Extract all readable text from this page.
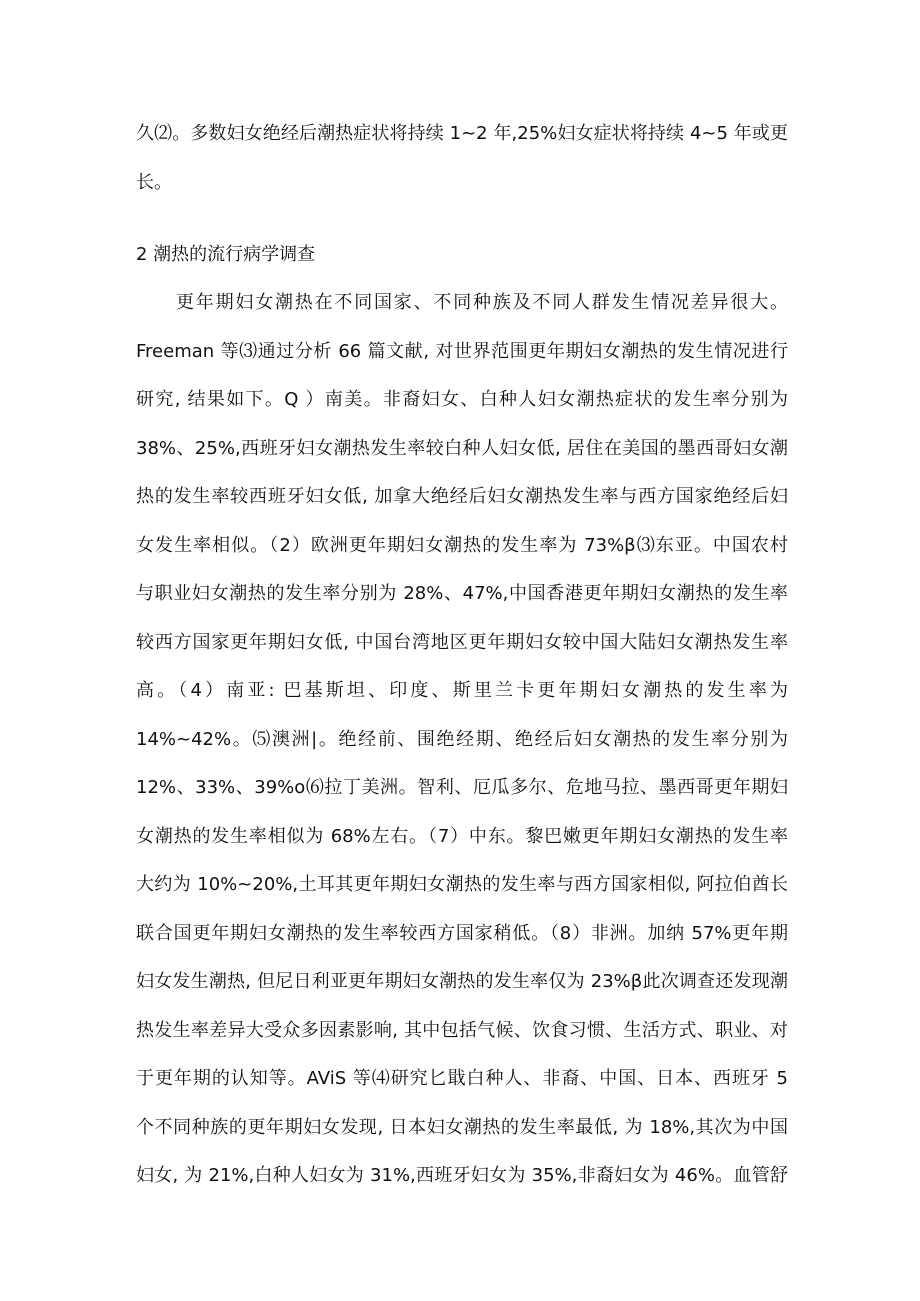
久⑵。多数妇女绝经后潮热症状将持续 1~2 年,25%妇女症状将持续 4~5 年或更
长。
2 潮热的流行病学调查
更年期妇女潮热在不同国家、不同种族及不同人群发生情况差异很大。
Freeman 等⑶通过分析 66 篇文献, 对世界范围更年期妇女潮热的发生情况进行
研究, 结果如下。Q ）南美。非裔妇女、白种人妇女潮热症状的发生率分别为
38%、25%,西班牙妇女潮热发生率较白种人妇女低, 居住在美国的墨西哥妇女潮
热的发生率较西班牙妇女低, 加拿大绝经后妇女潮热发生率与西方国家绝经后妇
女发生率相似。（2）欧洲更年期妇女潮热的发生率为 73%β⑶东亚。中国农村
与职业妇女潮热的发生率分别为 28%、47%,中国香港更年期妇女潮热的发生率
较西方国家更年期妇女低, 中国台湾地区更年期妇女较中国大陆妇女潮热发生率
高。（4）南亚: 巴基斯坦、印度、斯里兰卡更年期妇女潮热的发生率为
14%~42%。⑸澳洲|。绝经前、围绝经期、绝经后妇女潮热的发生率分别为
12%、33%、39%o⑹拉丁美洲。智利、厄瓜多尔、危地马拉、墨西哥更年期妇
女潮热的发生率相似为 68%左右。（7）中东。黎巴嫩更年期妇女潮热的发生率
大约为 10%~20%,土耳其更年期妇女潮热的发生率与西方国家相似, 阿拉伯酋长
联合国更年期妇女潮热的发生率较西方国家稍低。（8）非洲。加纳 57%更年期
妇女发生潮热, 但尼日利亚更年期妇女潮热的发生率仅为 23%β此次调查还发现潮
热发生率差异大受众多因素影响, 其中包括气候、饮食习惯、生活方式、职业、对
于更年期的认知等。AViS 等⑷研究匕戢白种人、非裔、中国、日本、西班牙 5
个不同种族的更年期妇女发现, 日本妇女潮热的发生率最低, 为 18%,其次为中国
妇女, 为 21%,白种人妇女为 31%,西班牙妇女为 35%,非裔妇女为 46%。血管舒
